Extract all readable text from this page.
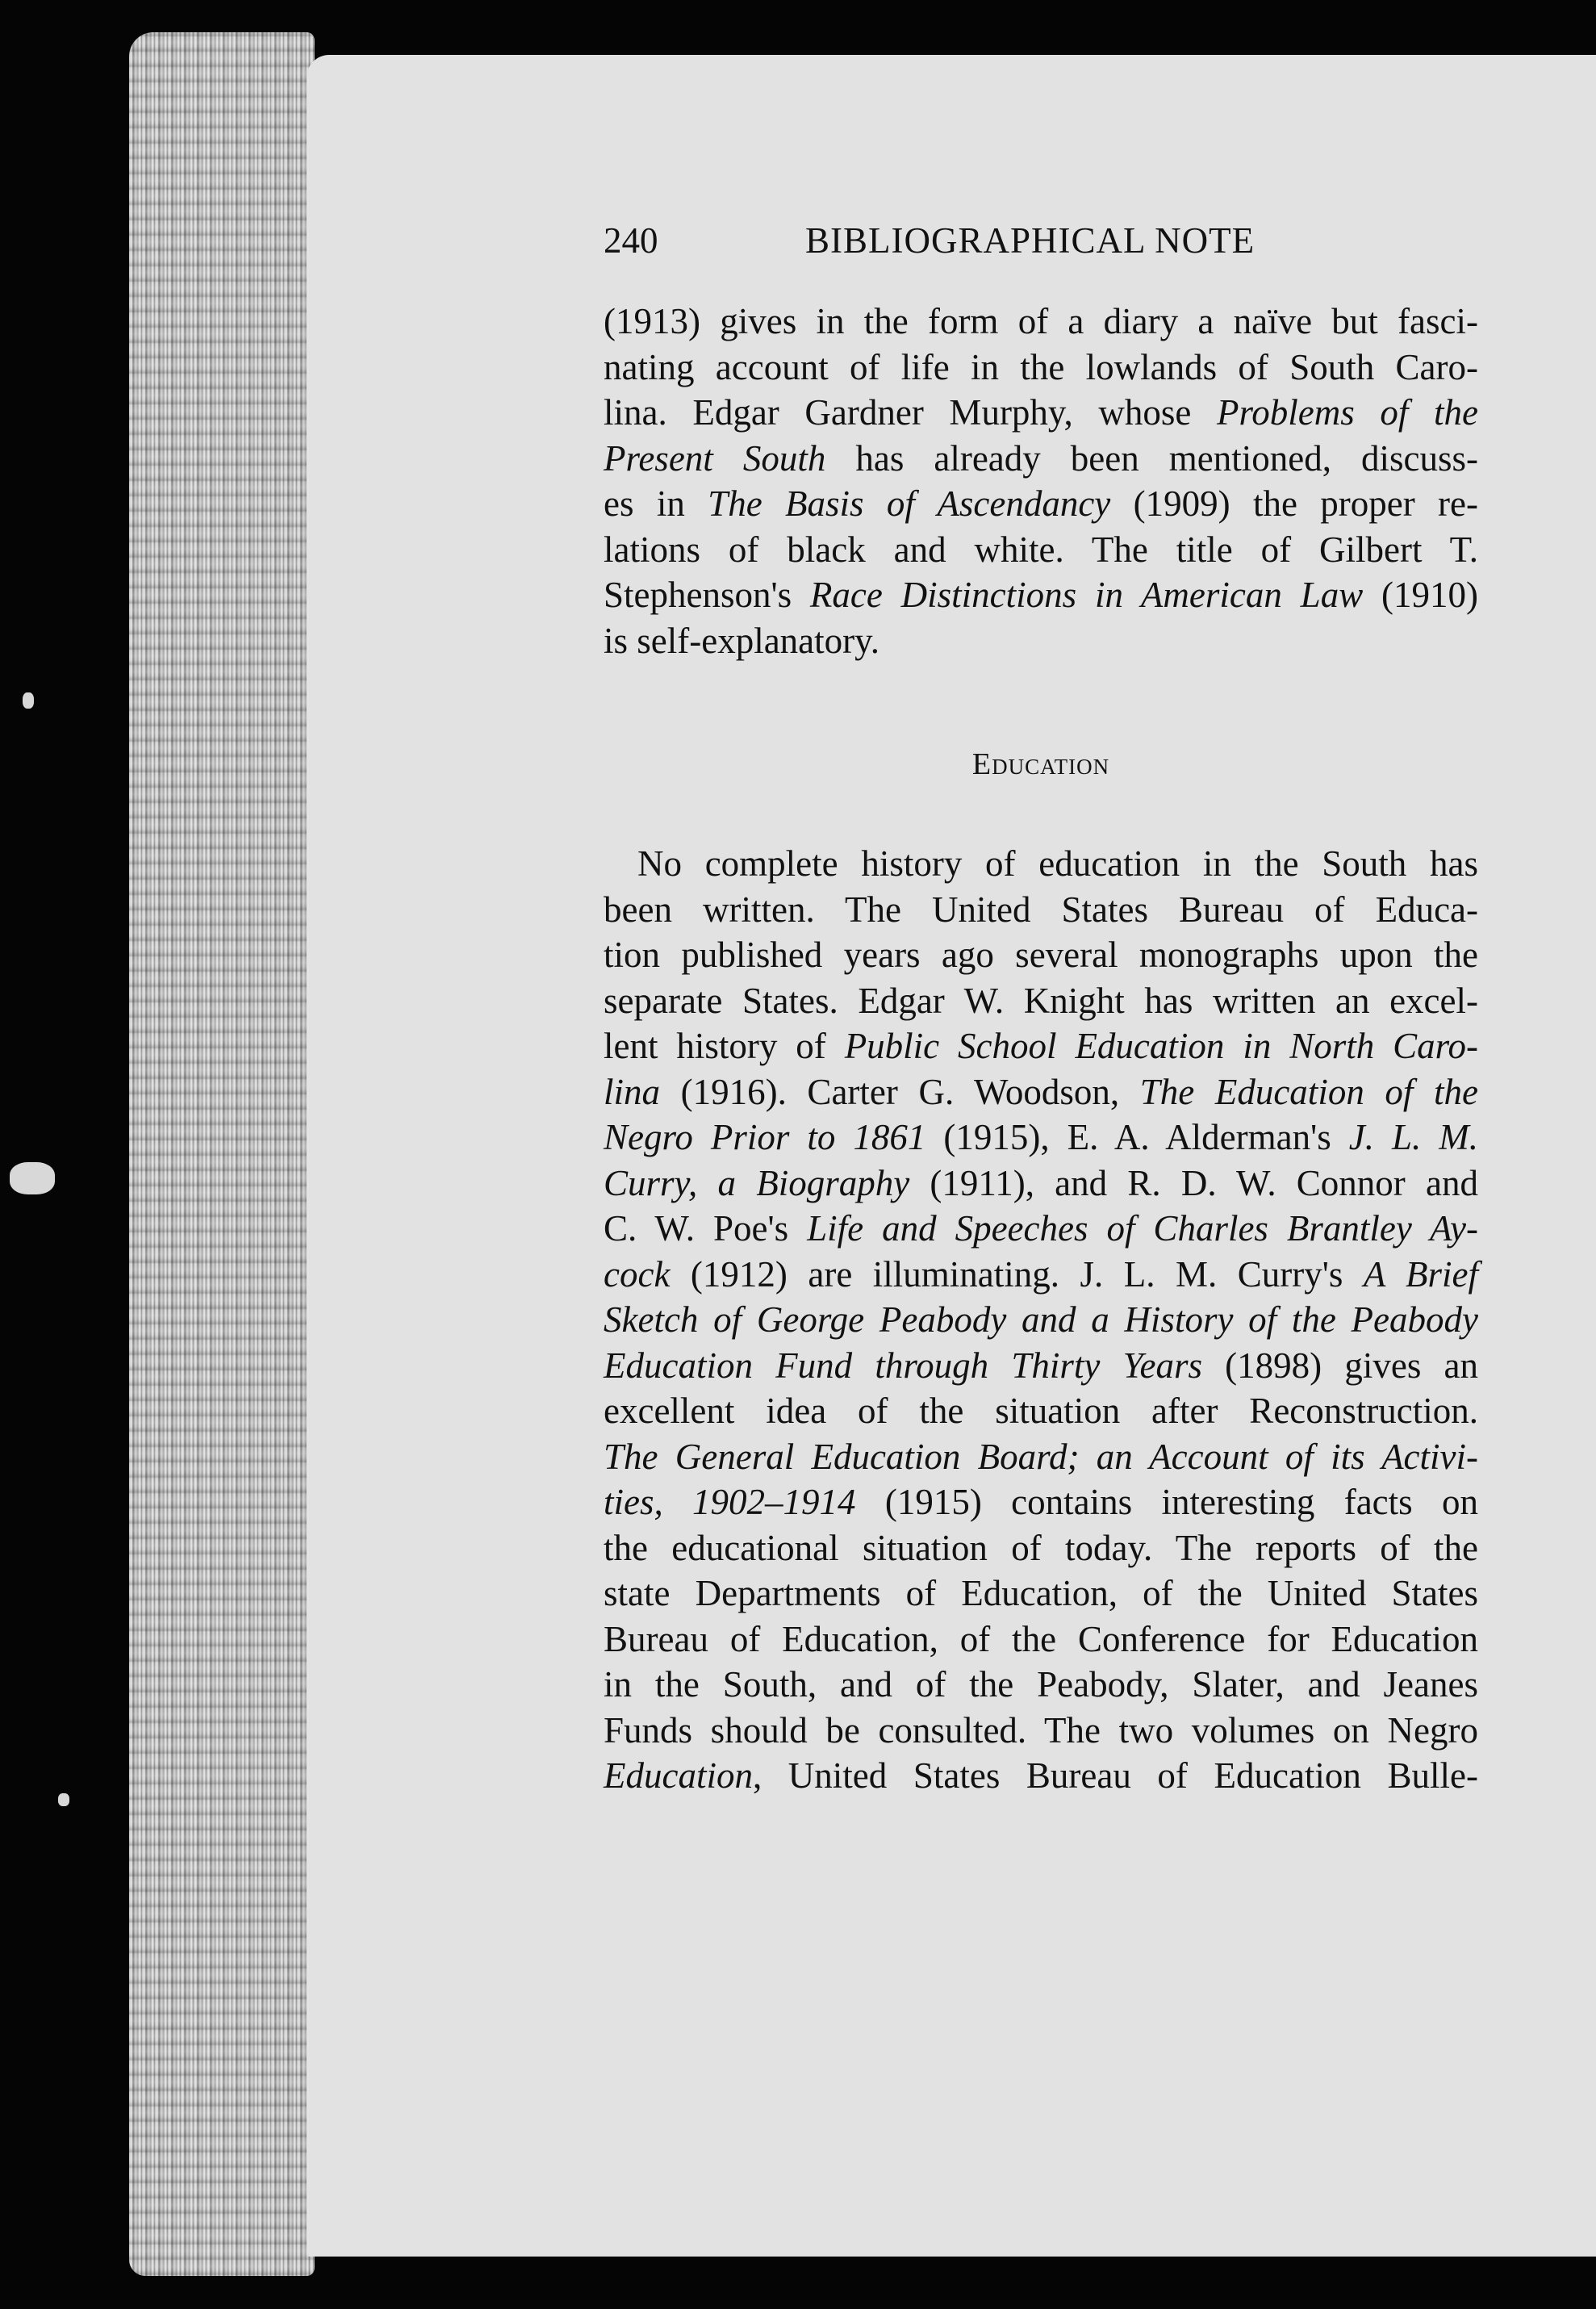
240	BIBLIOGRAPHICAL NOTE
(1913) gives in the form of a diary a naïve but fasci-
nating account of life in the lowlands of South Caro-
lina. Edgar Gardner Murphy, whose Problems of the
Present South has already been mentioned, discuss-
es in The Basis of Ascendancy (1909) the proper re-
lations of black and white. The title of Gilbert T.
Stephenson's Race Distinctions in American Law (1910)
is self-explanatory.
Education
No complete history of education in the South has
been written. The United States Bureau of Educa-
tion published years ago several monographs upon the
separate States. Edgar W. Knight has written an excel-
lent history of Public School Education in North Caro-
lina (1916). Carter G. Woodson, The Education of the
Negro Prior to 1861 (1915), E. A. Alderman's J. L. M.
Curry, a Biography (1911), and R. D. W. Connor and
C. W. Poe's Life and Speeches of Charles Brantley Ay-
cock (1912) are illuminating. J. L. M. Curry's A Brief
Sketch of George Peabody and a History of the Peabody
Education Fund through Thirty Years (1898) gives an
excellent idea of the situation after Reconstruction.
The General Education Board; an Account of its Activi-
ties, 1902–1914 (1915) contains interesting facts on
the educational situation of today. The reports of the
state Departments of Education, of the United States
Bureau of Education, of the Conference for Education
in the South, and of the Peabody, Slater, and Jeanes
Funds should be consulted. The two volumes on Negro
Education, United States Bureau of Education Bulle-
